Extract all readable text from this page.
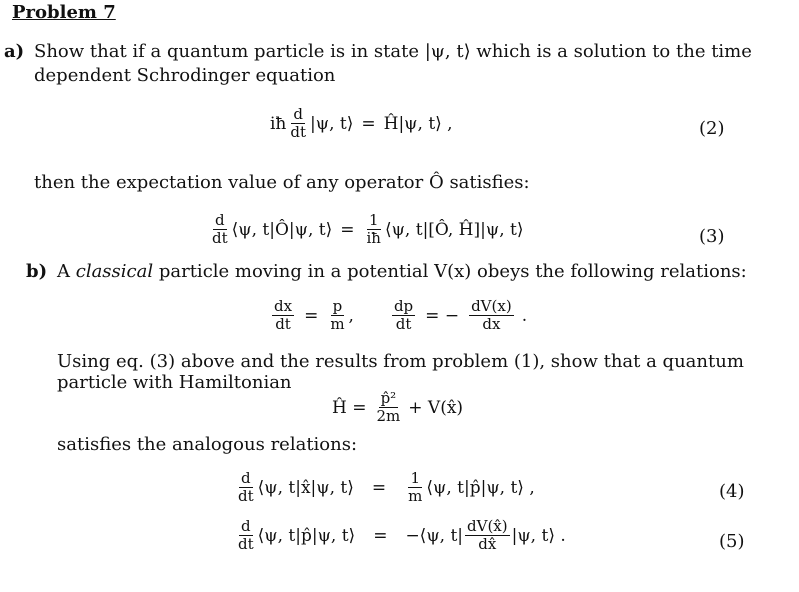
Problem 7
a) Show that if a quantum particle is in state |ψ, t⟩ which is a solution to the time
dependent Schrodinger equation
iħ $\frac{d}{dt} |\psi$, t⟩ = Ĥ|ψ, t⟩ ,	(2)
then the expectation value of any operator Ô satisfies:
$\frac{d}{dt}$ ⟨ψ, t|Ô|ψ, t⟩ = $\frac{1}{iħ}$ ⟨ψ, t|[Ô, Ĥ]|ψ, t⟩	(3)
b) A classical particle moving in a potential V(x) obeys the following relations:
$\frac{dx}{dt} = \frac{p}{m}$ ,	$\frac{dp}{dt}$ = − $\frac{dV(x)}{dx}$ .
Using eq. (3) above and the results from problem (1), show that a quantum
particle with Hamiltonian
Ĥ = $\frac{\text{p̂²}}{2m}$ + V(x̂)
satisfies the analogous relations:
$\frac{d}{dt}$ ⟨ψ, t|x̂|ψ, t⟩ = $\frac{1}{m}$ ⟨ψ, t|p̂|ψ, t⟩ ,	(4)
$\frac{d}{dt}$ ⟨ψ, t|p̂|ψ, t⟩ = −⟨ψ, $t| \frac{dV(x̂)}{dx̂} |\psi$, t⟩ .	(5)
